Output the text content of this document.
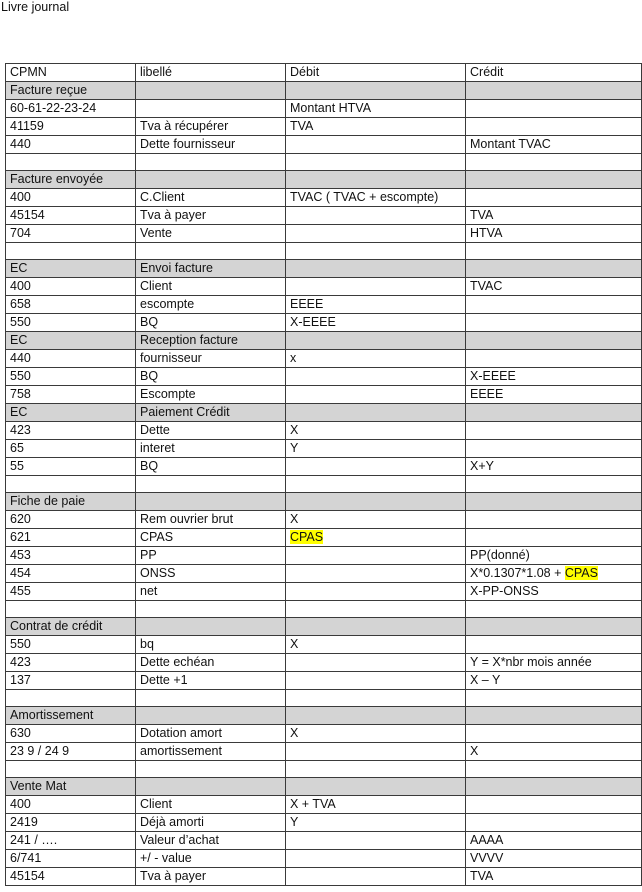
Livre journal
CPMN	libellé	Débit	Crédit
Facture reçue			
60-61-22-23-24		Montant HTVA	
41159	Tva à récupérer	TVA	
440	Dette fournisseur		Montant TVAC

Facture envoyée			
400	C.Client	TVAC ( TVAC + escompte)	
45154	Tva à payer		TVA
704	Vente		HTVA

EC	Envoi facture		
400	Client		TVAC
658	escompte	EEEE	
550	BQ	X-EEEE	
EC	Reception facture		
440	fournisseur	x	
550	BQ		X-EEEE
758	Escompte		EEEE
EC	Paiement Crédit		
423	Dette	X	
65	interet	Y	
55	BQ		X+Y

Fiche de paie			
620	Rem ouvrier brut	X	
621	CPAS	CPAS	
453	PP		PP(donné)
454	ONSS		X*0.1307*1.08 + CPAS
455	net		X-PP-ONSS

Contrat de crédit			
550	bq	X	
423	Dette echéan		Y = X*nbr mois année
137	Dette +1		X – Y

Amortissement			
630	Dotation amort	X	
23 9 / 24 9	amortissement		X

Vente Mat			
400	Client	X + TVA	
2419	Déjà amorti	Y	
241 / ….	Valeur d’achat		AAAA
6/741	+/ - value		VVVV
45154	Tva à payer		TVA
